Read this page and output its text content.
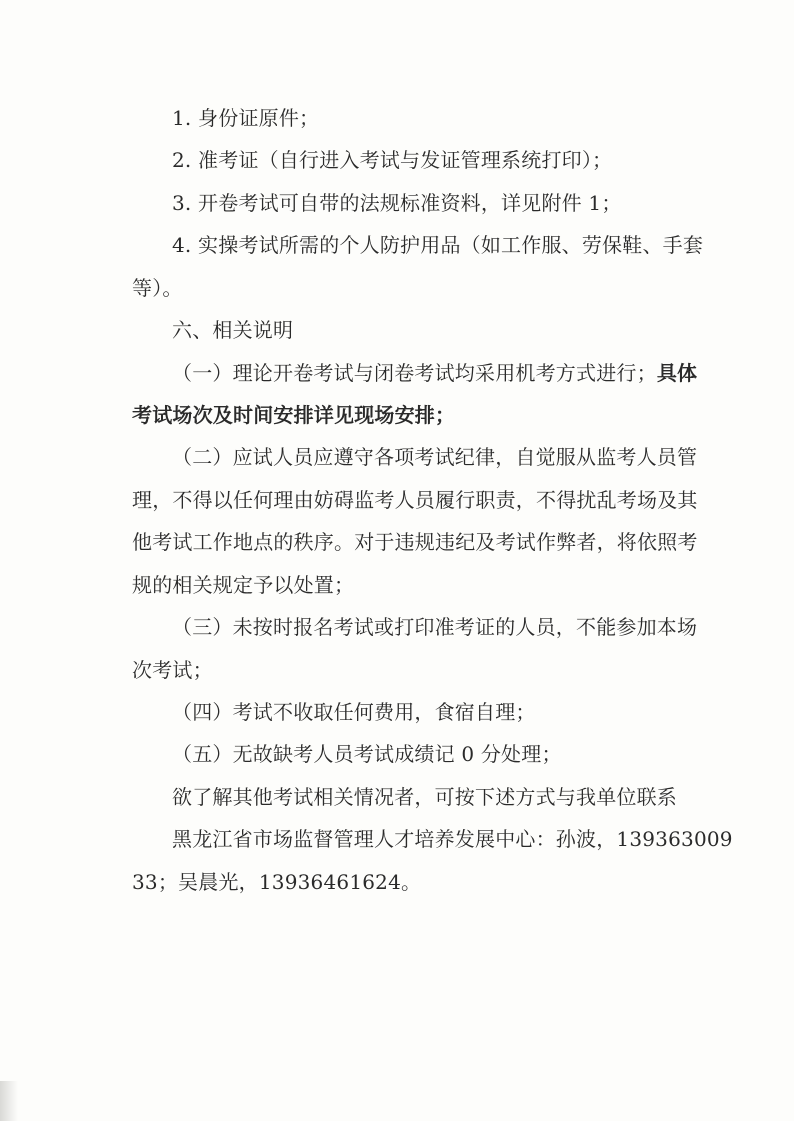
1. 身份证原件；
2. 准考证（自行进入考试与发证管理系统打印）；
3. 开卷考试可自带的法规标准资料，详见附件 1；
4. 实操考试所需的个人防护用品（如工作服、劳保鞋、手套
等）。
六、相关说明
（一）理论开卷考试与闭卷考试均采用机考方式进行；具体
考试场次及时间安排详见现场安排；
（二）应试人员应遵守各项考试纪律，自觉服从监考人员管
理，不得以任何理由妨碍监考人员履行职责，不得扰乱考场及其
他考试工作地点的秩序。对于违规违纪及考试作弊者，将依照考
规的相关规定予以处置；
（三）未按时报名考试或打印准考证的人员，不能参加本场
次考试；
（四）考试不收取任何费用，食宿自理；
（五）无故缺考人员考试成绩记 0 分处理；
欲了解其他考试相关情况者，可按下述方式与我单位联系
黑龙江省市场监督管理人才培养发展中心：孙波，139363009
33；吴晨光，13936461624。
